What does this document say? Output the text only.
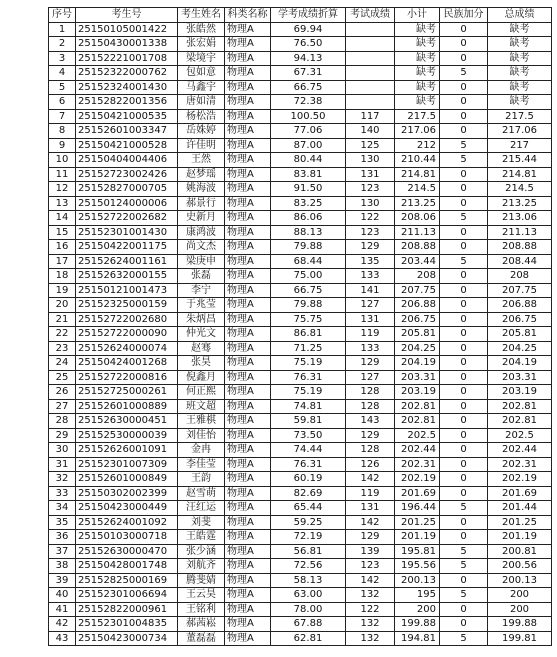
序号	考生号	考生姓名	科类名称	学考成绩折算	考试成绩	小计	民族加分	总成绩
1	25150105001422	张皓然	物理A	69.94		缺考	0	缺考
2	25150430001338	张宏娟	物理A	76.50		缺考	0	缺考
3	25152221001708	梁境宇	物理A	94.13		缺考	0	缺考
4	25152322000762	包如意	物理A	67.31		缺考	5	缺考
5	25152324001430	马鑫宇	物理A	66.75		缺考	0	缺考
6	25152822001356	唐如清	物理A	72.38		缺考	0	缺考
7	25150421000535	杨松浩	物理A	100.50	117	217.5	0	217.5
8	25152601003347	岳姝婷	物理A	77.06	140	217.06	0	217.06
9	25150421000528	许佳明	物理A	87.00	125	212	5	217
10	25150404004406	王然	物理A	80.44	130	210.44	5	215.44
11	25152723002426	赵梦瑶	物理A	83.81	131	214.81	0	214.81
12	25152827000705	姚海波	物理A	91.50	123	214.5	0	214.5
13	25150124000006	郝景行	物理A	83.25	130	213.25	0	213.25
14	25152722002682	史新月	物理A	86.06	122	208.06	5	213.06
15	25152301001430	康鸿波	物理A	88.13	123	211.13	0	211.13
16	25150422001175	尚文杰	物理A	79.88	129	208.88	0	208.88
17	25152624001161	梁庚申	物理A	68.44	135	203.44	5	208.44
18	25152632000155	张磊	物理A	75.00	133	208	0	208
19	25150121001473	李宁	物理A	66.75	141	207.75	0	207.75
20	25152325000159	于兆莹	物理A	79.88	127	206.88	0	206.88
21	25152722002680	朱炳昌	物理A	75.75	131	206.75	0	206.75
22	25152722000090	仲光文	物理A	86.81	119	205.81	0	205.81
23	25152624000074	赵骞	物理A	71.25	133	204.25	0	204.25
24	25150424001268	张昊	物理A	75.19	129	204.19	0	204.19
25	25152722000816	倪鑫月	物理A	76.31	127	203.31	0	203.31
26	25152725000261	何正熙	物理A	75.19	128	203.19	0	203.19
27	25152601000889	班文超	物理A	74.81	128	202.81	0	202.81
28	25152630000451	王雅棋	物理A	59.81	143	202.81	0	202.81
29	25152530000039	刘佳怡	物理A	73.50	129	202.5	0	202.5
30	25152626001091	金冉	物理A	74.44	128	202.44	0	202.44
31	25152301007309	李佳莹	物理A	76.31	126	202.31	0	202.31
32	25152601000849	王韵	物理A	60.19	142	202.19	0	202.19
33	25150302002399	赵雪萌	物理A	82.69	119	201.69	0	201.69
34	25150423000449	汪红运	物理A	65.44	131	196.44	5	201.44
35	25152624001092	刘斐	物理A	59.25	142	201.25	0	201.25
36	25150103000718	王皓霆	物理A	72.19	129	201.19	0	201.19
37	25152630000470	张少涵	物理A	56.81	139	195.81	5	200.81
38	25150428001748	刘航齐	物理A	72.56	123	195.56	5	200.56
39	25152825000169	腾斐婧	物理A	58.13	142	200.13	0	200.13
40	25152301006694	王云昊	物理A	63.00	132	195	5	200
41	25152822000961	王铭利	物理A	78.00	122	200	0	200
42	25152301004835	郝茜崧	物理A	67.88	132	199.88	0	199.88
43	25150423000734	董磊磊	物理A	62.81	132	194.81	5	199.81
